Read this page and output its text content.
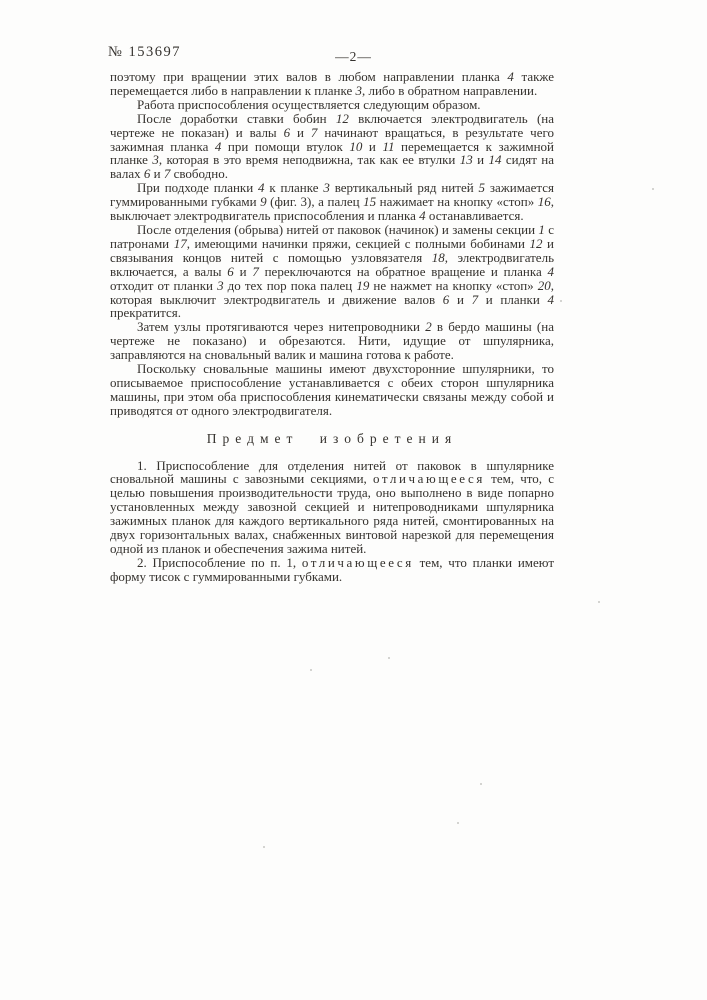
№ 153697	—2—

поэтому при вращении этих валов в любом направлении планка 4 также перемещается либо в направлении к планке 3, либо в обратном направлении.

Работа приспособления осуществляется следующим образом.

После доработки ставки бобин 12 включается электродвигатель (на чертеже не показан) и валы 6 и 7 начинают вращаться, в результате чего зажимная планка 4 при помощи втулок 10 и 11 перемещается к зажимной планке 3, которая в это время неподвижна, так как ее втулки 13 и 14 сидят на валах 6 и 7 свободно.

При подходе планки 4 к планке 3 вертикальный ряд нитей 5 зажимается гуммированными губками 9 (фиг. 3), а палец 15 нажимает на кнопку «стоп» 16, выключает электродвигатель приспособления и планка 4 останавливается.

После отделения (обрыва) нитей от паковок (начинок) и замены секции 1 с патронами 17, имеющими начинки пряжи, секцией с полными бобинами 12 и связывания концов нитей с помощью узловязателя 18, электродвигатель включается, а валы 6 и 7 переключаются на обратное вращение и планка 4 отходит от планки 3 до тех пор пока палец 19 не нажмет на кнопку «стоп» 20, которая выключит электродвигатель и движение валов 6 и 7 и планки 4 прекратится.

Затем узлы протягиваются через нитепроводники 2 в бердо машины (на чертеже не показано) и обрезаются. Нити, идущие от шпулярника, заправляются на сновальный валик и машина готова к работе.

Поскольку сновальные машины имеют двухсторонние шпулярники, то описываемое приспособление устанавливается с обеих сторон шпулярника машины, при этом оба приспособления кинематически связаны между собой и приводятся от одного электродвигателя.

Предмет изобретения

1. Приспособление для отделения нитей от паковок в шпулярнике сновальной машины с завозными секциями, отличающееся тем, что, с целью повышения производительности труда, оно выполнено в виде попарно установленных между завозной секцией и нитепроводниками шпулярника зажимных планок для каждого вертикального ряда нитей, смонтированных на двух горизонтальных валах, снабженных винтовой нарезкой для перемещения одной из планок и обеспечения зажима нитей.

2. Приспособление по п. 1, отличающееся тем, что планки имеют форму тисок с гуммированными губками.
